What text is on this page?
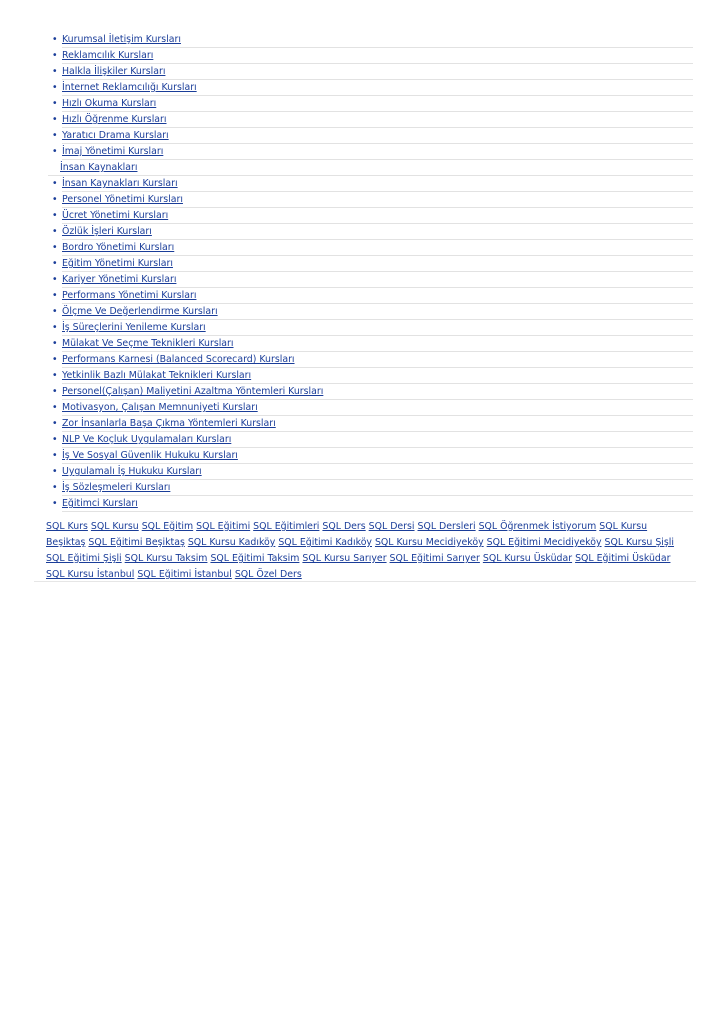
• Kurumsal İletişim Kursları
• Reklamcılık Kursları
• Halkla İlişkiler Kursları
• İnternet Reklamcılığı Kursları
• Hızlı Okuma Kursları
• Hızlı Öğrenme Kursları
• Yaratıcı Drama Kursları
• İmaj Yönetimi Kursları
İnsan Kaynakları
• İnsan Kaynakları Kursları
• Personel Yönetimi Kursları
• Ücret Yönetimi Kursları
• Özlük İşleri Kursları
• Bordro Yönetimi Kursları
• Eğitim Yönetimi Kursları
• Kariyer Yönetimi Kursları
• Performans Yönetimi Kursları
• Ölçme Ve Değerlendirme Kursları
• İş Süreçlerini Yenileme Kursları
• Mülakat Ve Seçme Teknikleri Kursları
• Performans Karnesi (Balanced Scorecard) Kursları
• Yetkinlik Bazlı Mülakat Teknikleri Kursları
• Personel(Çalışan) Maliyetini Azaltma Yöntemleri Kursları
• Motivasyon, Çalışan Memnuniyeti Kursları
• Zor İnsanlarla Başa Çıkma Yöntemleri Kursları
• NLP Ve Koçluk Uygulamaları Kursları
• İş Ve Sosyal Güvenlik Hukuku Kursları
• Uygulamalı İş Hukuku Kursları
• İş Sözleşmeleri Kursları
• Eğitimci Kursları
SQL Kurs SQL Kursu SQL Eğitim SQL Eğitimi SQL Eğitimleri SQL Ders SQL Dersi SQL Dersleri SQL Öğrenmek İstiyorum SQL Kursu Beşiktaş SQL Eğitimi Beşiktaş SQL Kursu Kadıköy SQL Eğitimi Kadıköy SQL Kursu Mecidiyeköy SQL Eğitimi Mecidiyeköy SQL Kursu Şişli SQL Eğitimi Şişli SQL Kursu Taksim SQL Eğitimi Taksim SQL Kursu Sarıyer SQL Eğitimi Sarıyer SQL Kursu Üsküdar SQL Eğitimi Üsküdar SQL Kursu İstanbul SQL Eğitimi İstanbul SQL Özel Ders
